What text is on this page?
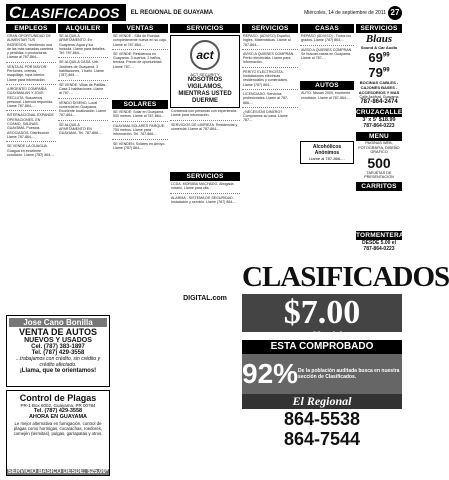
CLASIFICADOS	EL REGIONAL DE GUAYAMA	Miércoles, 14 de septiembre de 2011 27
EMPLEOS
GRAN OPORTUNIDAD DE AUMENTAR TUS INGRESOS. Vendiendo una de las más variadas caretera y pérdidas o productoras. Llamar al 787-864-...
VENTA AL POR MAYOR. Perfumes, cremas, maquillaje, ropa interior. Llame para información.
¡URGENTE! COMPAÑÍA GUAYAMA AN Y JOVE RECLUTA. Buscamos personal. Licencia requerida. Llame 787-864-...
INTERNACIONAL EXPANDE OPERACIONES. EN COAMO. SALINAS, GUAYAMA. Puestos ASOCIADOS. Distribución. Llame 787-864-...
SE VENDE LA GUAGUA. Guagua en excelente condición. Llame (787) 864-...
ALQUILER
SE ALQUILA APARTAMENTO. En Guayama. Agua y luz incluida. Llame para detalles. Tel: 787-864-...
SE ALQUILA CASA. Urb. Jardines de Guayama. 3 habitaciones, 1 baño. Llame (787) 864-...
SE VENDE. Villas de Patillas. Casa 3 habitaciones. Llame al 787-...
VENDO DISENO. Local comercial en Guayama. Excelente localización. Llame 787-864-...
SE ALQUILA APARTAMENTO EN GUAYAMA. Tel. 787-866-...
Jose Cano Bonilla
VENTA DE AUTOS
NUEVOS Y USADOS
Cel. (787) 383-1897
Tel. (787) 429-3558
...trabajamos con crédito, sin crédito y crédito afectado.
¡Llama, que te orientamos!
Control de Plagas
PR-1 Box 6002, Guayama, PR 00784
Tel. (787) 429-3558
AHORA EN GUAYAMA
Le mejor alternativa en fumigación, control de plagas como hormigas, cucarachas, roedores, comején (termitas), pulgas, garrapatas y otros.
SERVICIO BASICO DESDE: $25.00*
VENTAS
SE VENDE - Silla de Ruedas completamente nueva en su caja. Llame al 787-864-...
SE VENDE: Residencia en Guayama. 3 cuartos, 2 baños, terraza. Precio de oportunidad. Llame 787-...
SOLARES
SE VENDE: Solar en Guayama. 500 metros. Llame al 787-864-...
GUAYAMA SOLARES PARQUE. 750 metros. Llame para información. Tel. 787-866-...
SE VENDEN: Solares en Arroyo. Llame (787) 864-...
SERVICIOS
act
ACT SECURITY
NOSOTROS VIGILAMOS, MIENTRAS USTED DUERME
Contamos con personas con experiencia. Llame para información.
SERVICIOS DE LIMPIEZA. Residencial y comercial. Llame al 787-864-...
SERVICIOS
LCDA. MORABA MACHADO. Abogada notario. Llame para cita.
ALARMA - SISTEMA DE SEGURIDAD. Instalación y servicio. Llame (787) 864-...
DIGITAL.com
SERVICIOS
REPASO. (ADVISO) Español, Inglés, Matemáticas. Llame al 787-864-...
AVISO A QUIENES COMPRAN. Perito electricista. Llame para información.
PERITO ELECTRICISTA. Instalaciones eléctricas residenciales y comerciales. Llame (787) 864-...
LICENCIADO. Servicios profesionales. Llame al 787-866-...
¿NECESITAS DINERO? Compramos su casa. Llame 787-...
CASAS
REPASO (ADVISO) - Todos los grados. Llame (787) 864-...
AVISO A QUIENES COMPRAN. Se buscan casas en Guayama. Llame al 787-...
AUTOS
AUTO. Nissan 2009, excelente condición. Llame al 787-864-...
Alcohólicos Anónimos
Llame al 787-866-...
SERVICIOS
Blaus
Sound & Car Audio
$69^{99}$
$79^{99}$
BOCINAS CABLES - CAJONES BASES - ACCESORIOS Y MAS
Calle Ashford, Guayama
787-864-2474
CRUZACALLE
3' x 5' $18.99
787-864-0223
MENU
PAGINAS WEB, FOTOGRAFIA, DISEÑO GRAFICO
500
TARJETAS DE PRESENTACION
CARRITOS
TORMENTERAS
DESDE 5.00 el
787-864-0223
CLASIFICADOS
$7.00
22 palabras o menos
ESTA COMPROBADO
92% De la población auditada busca en nuestra sección de Clasificados.
El Regional
864-5538
864-7544
